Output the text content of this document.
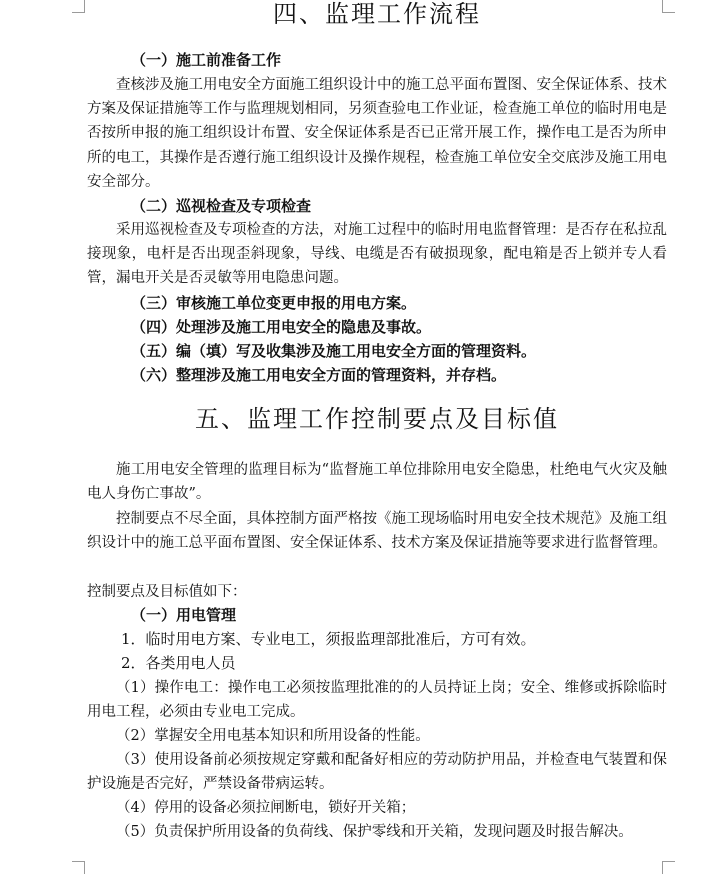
四、监理工作流程

（一）施工前准备工作

查核涉及施工用电安全方面施工组织设计中的施工总平面布置图、安全保证体系、技术方案及保证措施等工作与监理规划相同，另须查验电工作业证，检查施工单位的临时用电是否按所申报的施工组织设计布置、安全保证体系是否已正常开展工作，操作电工是否为所申所的电工，其操作是否遵行施工组织设计及操作规程，检查施工单位安全交底涉及施工用电安全部分。

（二）巡视检查及专项检查

采用巡视检查及专项检查的方法，对施工过程中的临时用电监督管理：是否存在私拉乱接现象，电杆是否出现歪斜现象，导线、电缆是否有破损现象，配电箱是否上锁并专人看管，漏电开关是否灵敏等用电隐患问题。

（三）审核施工单位变更申报的用电方案。

（四）处理涉及施工用电安全的隐患及事故。

（五）编（填）写及收集涉及施工用电安全方面的管理资料。

（六）整理涉及施工用电安全方面的管理资料，并存档。

五、监理工作控制要点及目标值

施工用电安全管理的监理目标为“监督施工单位排除用电安全隐患，杜绝电气火灾及触电人身伤亡事故”。

控制要点不尽全面，具体控制方面严格按《施工现场临时用电安全技术规范》及施工组织设计中的施工总平面布置图、安全保证体系、技术方案及保证措施等要求进行监督管理。

控制要点及目标值如下：

（一）用电管理

1．临时用电方案、专业电工，须报监理部批准后，方可有效。

2．各类用电人员

（1）操作电工：操作电工必须按监理批准的的人员持证上岗；安全、维修或拆除临时用电工程，必须由专业电工完成。

（2）掌握安全用电基本知识和所用设备的性能。

（3）使用设备前必须按规定穿戴和配备好相应的劳动防护用品，并检查电气装置和保护设施是否完好，严禁设备带病运转。

（4）停用的设备必须拉闸断电，锁好开关箱；

（5）负责保护所用设备的负荷线、保护零线和开关箱，发现问题及时报告解决。
